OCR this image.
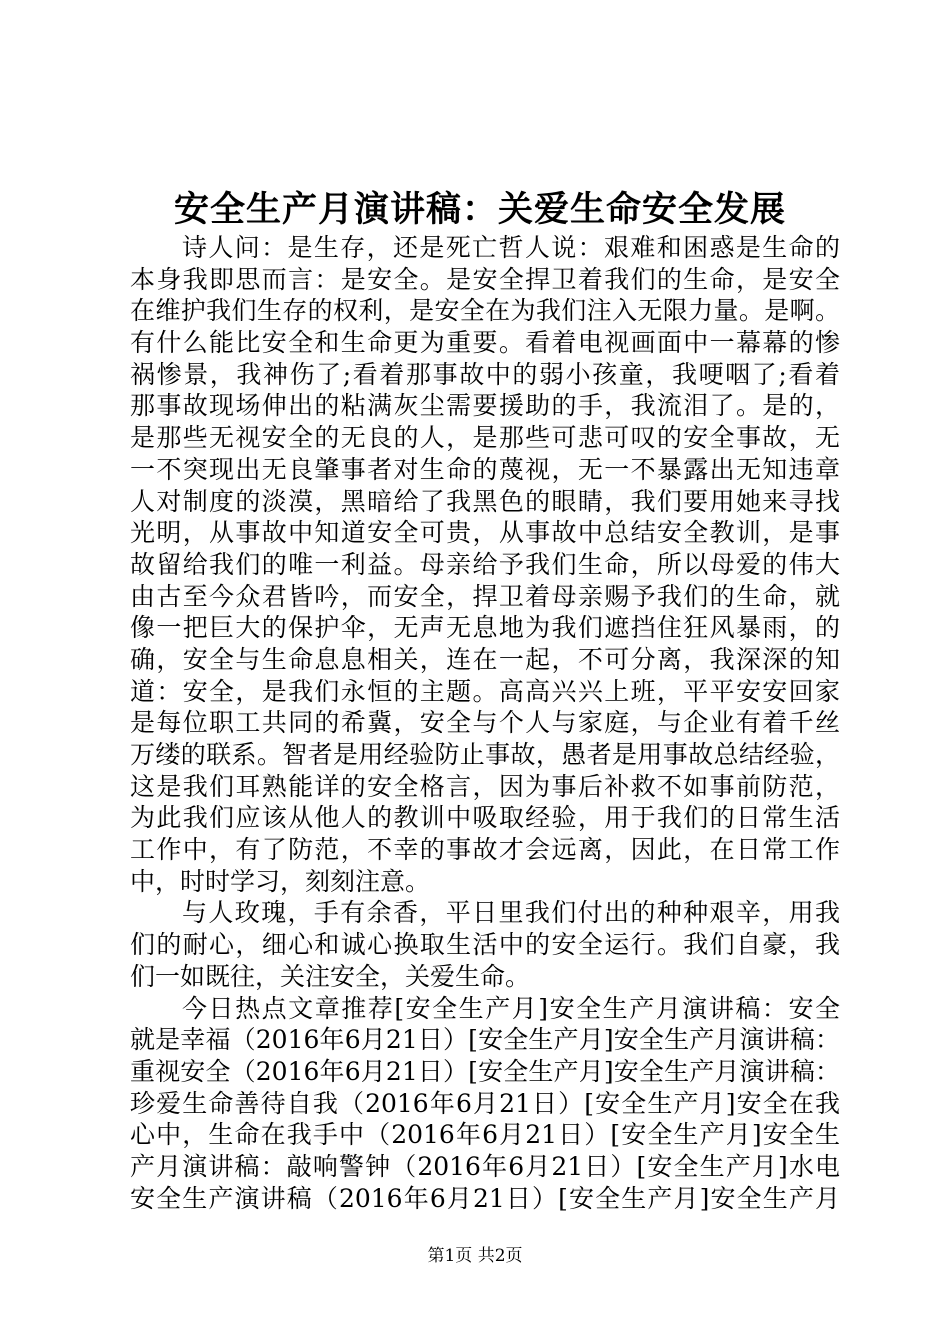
安全生产月演讲稿：关爱生命安全发展
诗人问：是生存，还是死亡哲人说：艰难和困惑是生命的
本身我即思而言：是安全。是安全捍卫着我们的生命，是安全
在维护我们生存的权利，是安全在为我们注入无限力量。是啊。
有什么能比安全和生命更为重要。看着电视画面中一幕幕的惨
祸惨景，我神伤了;看着那事故中的弱小孩童，我哽咽了;看着
那事故现场伸出的粘满灰尘需要援助的手，我流泪了。是的，
是那些无视安全的无良的人，是那些可悲可叹的安全事故，无
一不突现出无良肇事者对生命的蔑视，无一不暴露出无知违章
人对制度的淡漠，黑暗给了我黑色的眼睛，我们要用她来寻找
光明，从事故中知道安全可贵，从事故中总结安全教训，是事
故留给我们的唯一利益。母亲给予我们生命，所以母爱的伟大
由古至今众君皆吟，而安全，捍卫着母亲赐予我们的生命，就
像一把巨大的保护伞，无声无息地为我们遮挡住狂风暴雨，的
确，安全与生命息息相关，连在一起，不可分离，我深深的知
道：安全，是我们永恒的主题。高高兴兴上班，平平安安回家
是每位职工共同的希冀，安全与个人与家庭，与企业有着千丝
万缕的联系。智者是用经验防止事故，愚者是用事故总结经验，
这是我们耳熟能详的安全格言，因为事后补救不如事前防范，
为此我们应该从他人的教训中吸取经验，用于我们的日常生活
工作中，有了防范，不幸的事故才会远离，因此，在日常工作
中，时时学习，刻刻注意。
与人玫瑰，手有余香，平日里我们付出的种种艰辛，用我
们的耐心，细心和诚心换取生活中的安全运行。我们自豪，我
们一如既往，关注安全，关爱生命。
今日热点文章推荐[安全生产月]安全生产月演讲稿：安全
就是幸福（2016年6月21日）[安全生产月]安全生产月演讲稿：
重视安全（2016年6月21日）[安全生产月]安全生产月演讲稿：
珍爱生命善待自我（2016年6月21日）[安全生产月]安全在我
心中，生命在我手中（2016年6月21日）[安全生产月]安全生
产月演讲稿：敲响警钟（2016年6月21日）[安全生产月]水电
安全生产演讲稿（2016年6月21日）[安全生产月]安全生产月
第1页 共2页
